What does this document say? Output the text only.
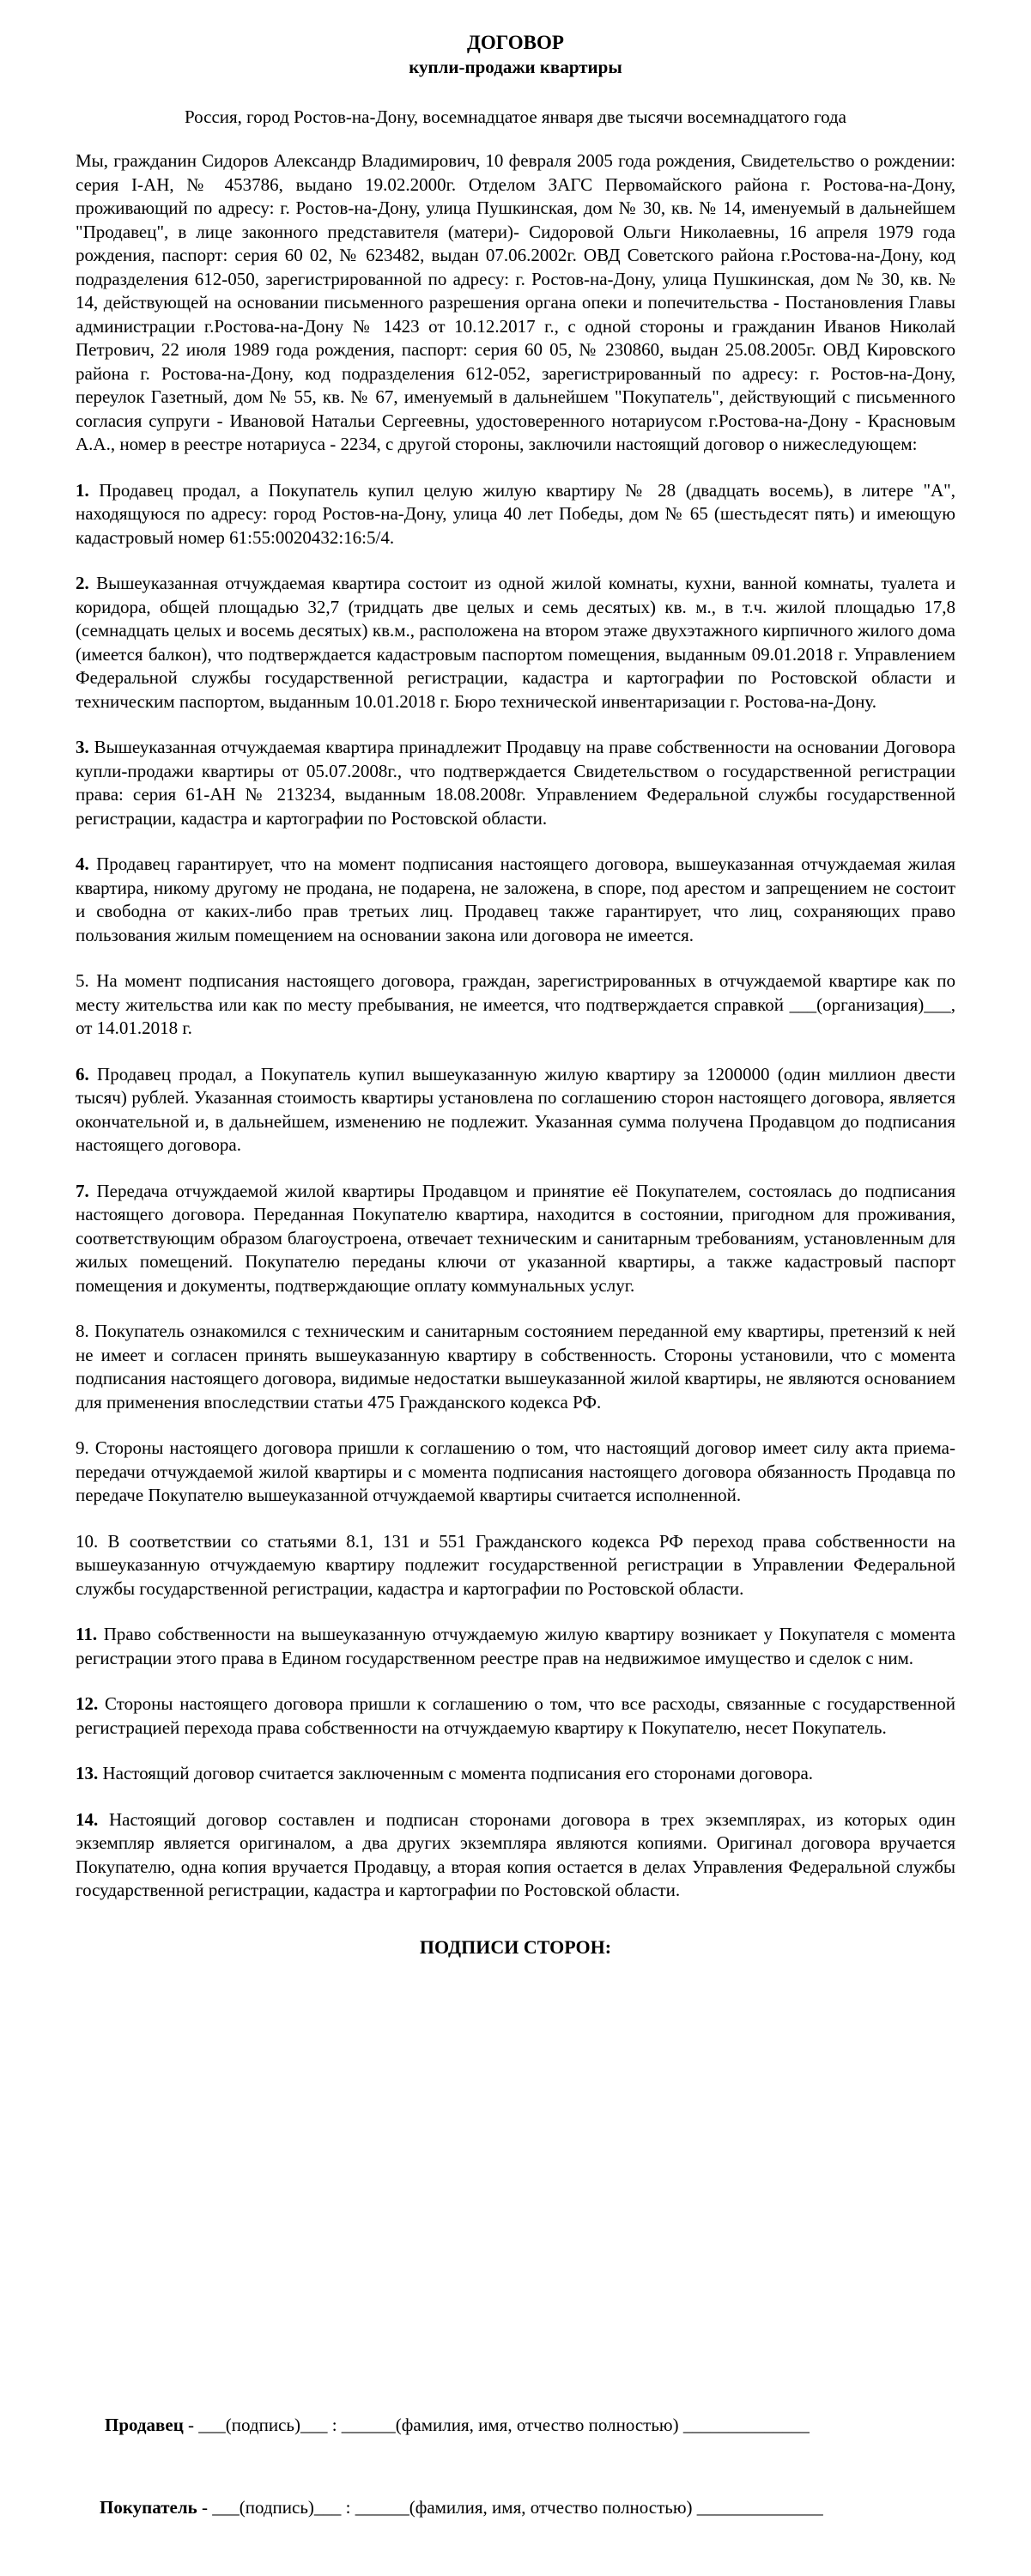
ДОГОВОР

купли-продажи квартиры

Россия, город Ростов-на-Дону, восемнадцатое января две тысячи восемнадцатого года

Мы, гражданин Сидоров Александр Владимирович, 10 февраля 2005 года рождения, Свидетельство о рождении: серия I-АН, № 453786, выдано 19.02.2000г. Отделом ЗАГС Первомайского района г. Ростова-на-Дону, проживающий по адресу: г. Ростов-на-Дону, улица Пушкинская, дом № 30, кв. № 14, именуемый в дальнейшем "Продавец", в лице законного представителя (матери)- Сидоровой Ольги Николаевны, 16 апреля 1979 года рождения, паспорт: серия 60 02, № 623482, выдан 07.06.2002г. ОВД Советского района г.Ростова-на-Дону, код подразделения 612-050, зарегистрированной по адресу: г. Ростов-на-Дону, улица Пушкинская, дом № 30, кв. № 14, действующей на основании письменного разрешения органа опеки и попечительства - Постановления Главы администрации г.Ростова-на-Дону № 1423 от 10.12.2017 г., с одной стороны и гражданин Иванов Николай Петрович, 22 июля 1989 года рождения, паспорт: серия 60 05, № 230860, выдан 25.08.2005г. ОВД Кировского района г. Ростова-на-Дону, код подразделения 612-052, зарегистрированный по адресу: г. Ростов-на-Дону, переулок Газетный, дом № 55, кв. № 67, именуемый в дальнейшем "Покупатель", действующий с письменного согласия супруги - Ивановой Натальи Сергеевны, удостоверенного нотариусом г.Ростова-на-Дону - Красновым А.А., номер в реестре нотариуса - 2234, с другой стороны, заключили настоящий договор о нижеследующем:

1. Продавец продал, а Покупатель купил целую жилую квартиру № 28 (двадцать восемь), в литере "А", находящуюся по адресу: город Ростов-на-Дону, улица 40 лет Победы, дом № 65 (шестьдесят пять) и имеющую кадастровый номер 61:55:0020432:16:5/4.

2. Вышеуказанная отчуждаемая квартира состоит из одной жилой комнаты, кухни, ванной комнаты, туалета и коридора, общей площадью 32,7 (тридцать две целых и семь десятых) кв. м., в т.ч. жилой площадью 17,8 (семнадцать целых и восемь десятых) кв.м., расположена на втором этаже двухэтажного кирпичного жилого дома (имеется балкон), что подтверждается кадастровым паспортом помещения, выданным 09.01.2018 г. Управлением Федеральной службы государственной регистрации, кадастра и картографии по Ростовской области и техническим паспортом, выданным 10.01.2018 г. Бюро технической инвентаризации г. Ростова-на-Дону.

3. Вышеуказанная отчуждаемая квартира принадлежит Продавцу на праве собственности на основании Договора купли-продажи квартиры от 05.07.2008г., что подтверждается Свидетельством о государственной регистрации права: серия 61-АН № 213234, выданным 18.08.2008г. Управлением Федеральной службы государственной регистрации, кадастра и картографии по Ростовской области.

4. Продавец гарантирует, что на момент подписания настоящего договора, вышеуказанная отчуждаемая жилая квартира, никому другому не продана, не подарена, не заложена, в споре, под арестом и запрещением не состоит и свободна от каких-либо прав третьих лиц. Продавец также гарантирует, что лиц, сохраняющих право пользования жилым помещением на основании закона или договора не имеется.

5. На момент подписания настоящего договора, граждан, зарегистрированных в отчуждаемой квартире как по месту жительства или как по месту пребывания, не имеется, что подтверждается справкой ___(организация)___, от 14.01.2018 г.

6. Продавец продал, а Покупатель купил вышеуказанную жилую квартиру за 1200000 (один миллион двести тысяч) рублей. Указанная стоимость квартиры установлена по соглашению сторон настоящего договора, является окончательной и, в дальнейшем, изменению не подлежит. Указанная сумма получена Продавцом до подписания настоящего договора.

7. Передача отчуждаемой жилой квартиры Продавцом и принятие её Покупателем, состоялась до подписания настоящего договора. Переданная Покупателю квартира, находится в состоянии, пригодном для проживания, соответствующим образом благоустроена, отвечает техническим и санитарным требованиям, установленным для жилых помещений. Покупателю переданы ключи от указанной квартиры, а также кадастровый паспорт помещения и документы, подтверждающие оплату коммунальных услуг.

8. Покупатель ознакомился с техническим и санитарным состоянием переданной ему квартиры, претензий к ней не имеет и согласен принять вышеуказанную квартиру в собственность. Стороны установили, что с момента подписания настоящего договора, видимые недостатки вышеуказанной жилой квартиры, не являются основанием для применения впоследствии статьи 475 Гражданского кодекса РФ.

9. Стороны настоящего договора пришли к соглашению о том, что настоящий договор имеет силу акта приема-передачи отчуждаемой жилой квартиры и с момента подписания настоящего договора обязанность Продавца по передаче Покупателю вышеуказанной отчуждаемой квартиры считается исполненной.

10. В соответствии со статьями 8.1, 131 и 551 Гражданского кодекса РФ переход права собственности на вышеуказанную отчуждаемую квартиру подлежит государственной регистрации в Управлении Федеральной службы государственной регистрации, кадастра и картографии по Ростовской области.

11. Право собственности на вышеуказанную отчуждаемую жилую квартиру возникает у Покупателя с момента регистрации этого права в Едином государственном реестре прав на недвижимое имущество и сделок с ним.

12. Стороны настоящего договора пришли к соглашению о том, что все расходы, связанные с государственной регистрацией перехода права собственности на отчуждаемую квартиру к Покупателю, несет Покупатель.

13. Настоящий договор считается заключенным с момента подписания его сторонами договора.

14. Настоящий договор составлен и подписан сторонами договора в трех экземплярах, из которых один экземпляр является оригиналом, а два других экземпляра являются копиями. Оригинал договора вручается Покупателю, одна копия вручается Продавцу, а вторая копия остается в делах Управления Федеральной службы государственной регистрации, кадастра и картографии по Ростовской области.

ПОДПИСИ СТОРОН:

Продавец - ___(подпись)___ : ______(фамилия, имя, отчество полностью) ______________
Покупатель - ___(подпись)___ : ______(фамилия, имя, отчество полностью) ______________
